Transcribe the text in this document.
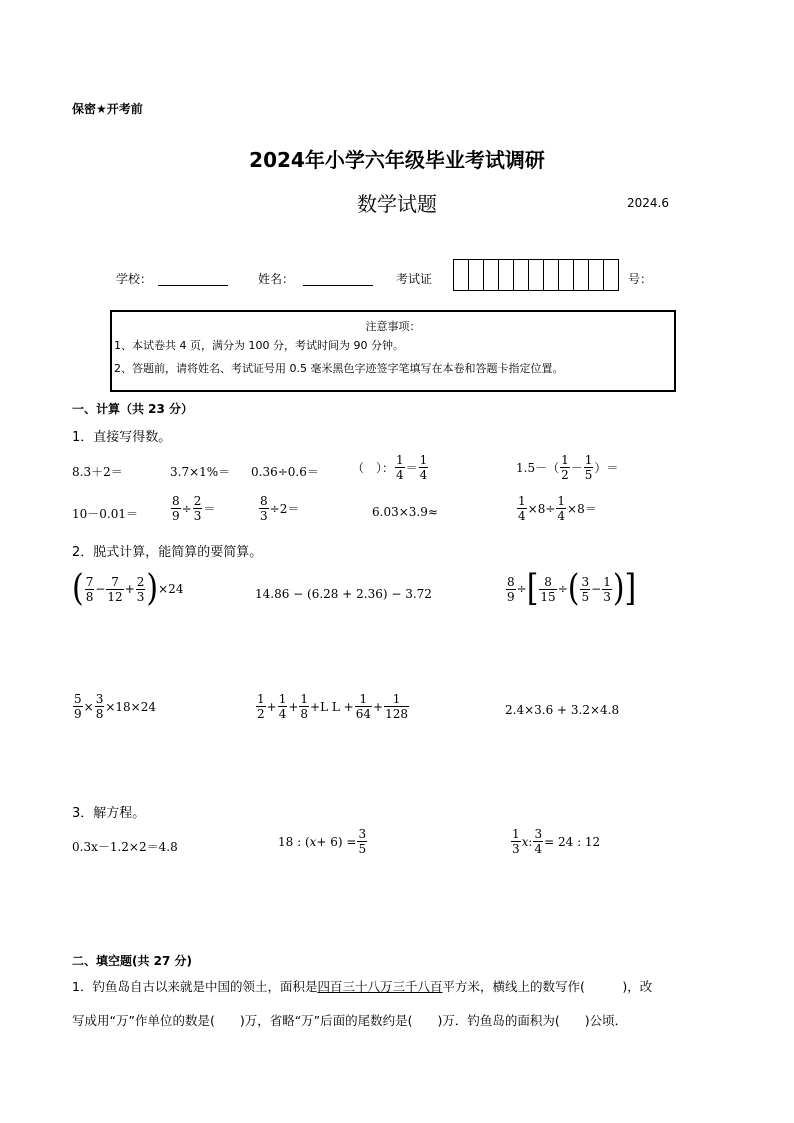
保密★开考前
2024年小学六年级毕业考试调研
数学试题	2024.6
学校：	姓名：	考试证	号：
注意事项：
1、本试卷共 4 页，满分为 100 分，考试时间为 90 分钟。
2、答题前，请将姓名、考试证号用 0.5 毫米黑色字迹签字笔填写在本卷和答题卡指定位置。
一、计算（共 23 分）
1．直接写得数。
8.3＋2＝	3.7×1%＝ 0.36÷0.6＝	（　）： $\frac{1}{4} = \frac{1}{4}$	$1.5-( \frac{1}{2} - \frac{1}{5}$ ）＝
10－0.01＝	$\frac{8}{9} \div \frac{2}{3}$ ＝	$\frac{8}{3} \div 2=$	6.03×3.9≈	$\frac{1}{4} \times 8\div \frac{1}{4} \times 8=$
2．脱式计算，能简算的要简算。
( $\frac{7}{8} - \frac{7}{12} + \frac{2}{3}$ ) ×24	14.86 − (6.28 + 2.36) − 3.72	$\frac{8}{9}$ ÷ [ $\frac{8}{15}$ ÷ ( $\frac{3}{5} - \frac{1}{3}$ ) ]
$\frac{5}{9} \times \frac{3}{8} \times 18\times 24$	$\frac{1}{2} + \frac{1}{4} + \frac{1}{8} +L$ $L + \frac{1}{64} + \frac{1}{128}$	2.4×3.6 + 3.2×4.8
3．解方程。
0.3x－1.2×2＝4.8	18 : ( $x + 6) = \frac{3}{5}$	$\frac{1}{3}$ x : $\frac{3}{4} = 24$ : 12
二、填空题(共 27 分)
1．钓鱼岛自古以来就是中国的领土，面积是四百三十八万三千八百平方米，横线上的数写作(　　　)，改
写成用“万”作单位的数是(　　)万，省略“万”后面的尾数约是(　　)万．钓鱼岛的面积为(　　)公顷．
